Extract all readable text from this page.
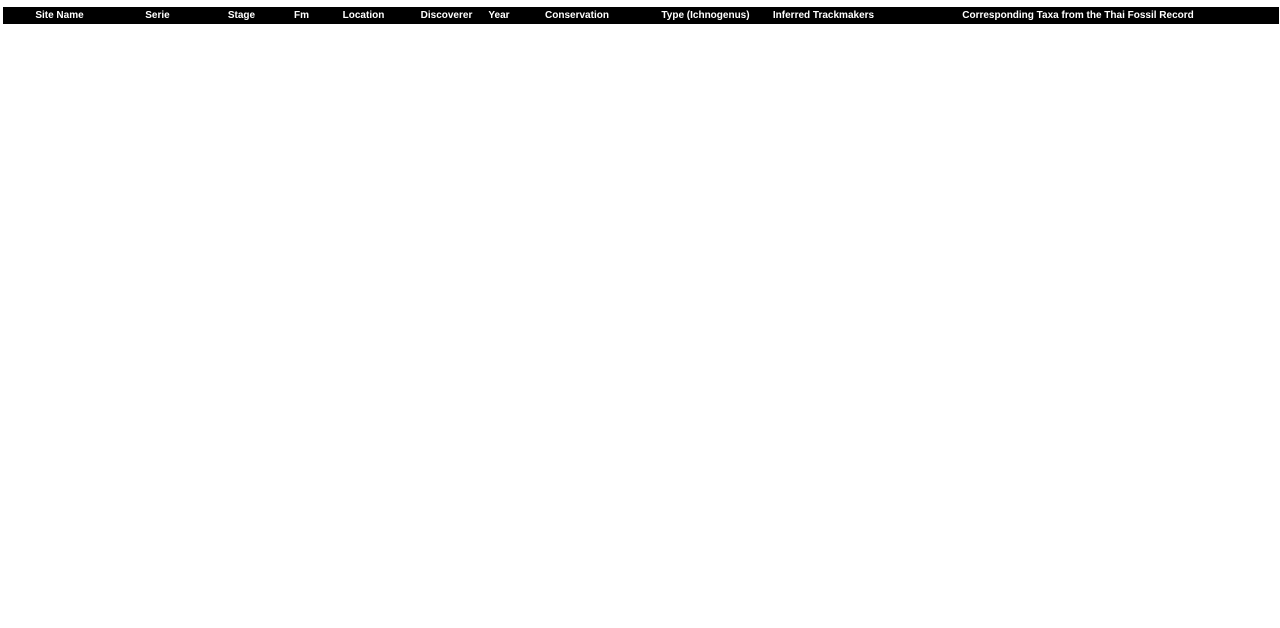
Site Name	Serie	Stage		Fm	Location	Discoverer	Year	Conservation	Type (Ichnogenus)	Inferred Trackmakers	Corresponding Taxa from the Thai Fossil Record
